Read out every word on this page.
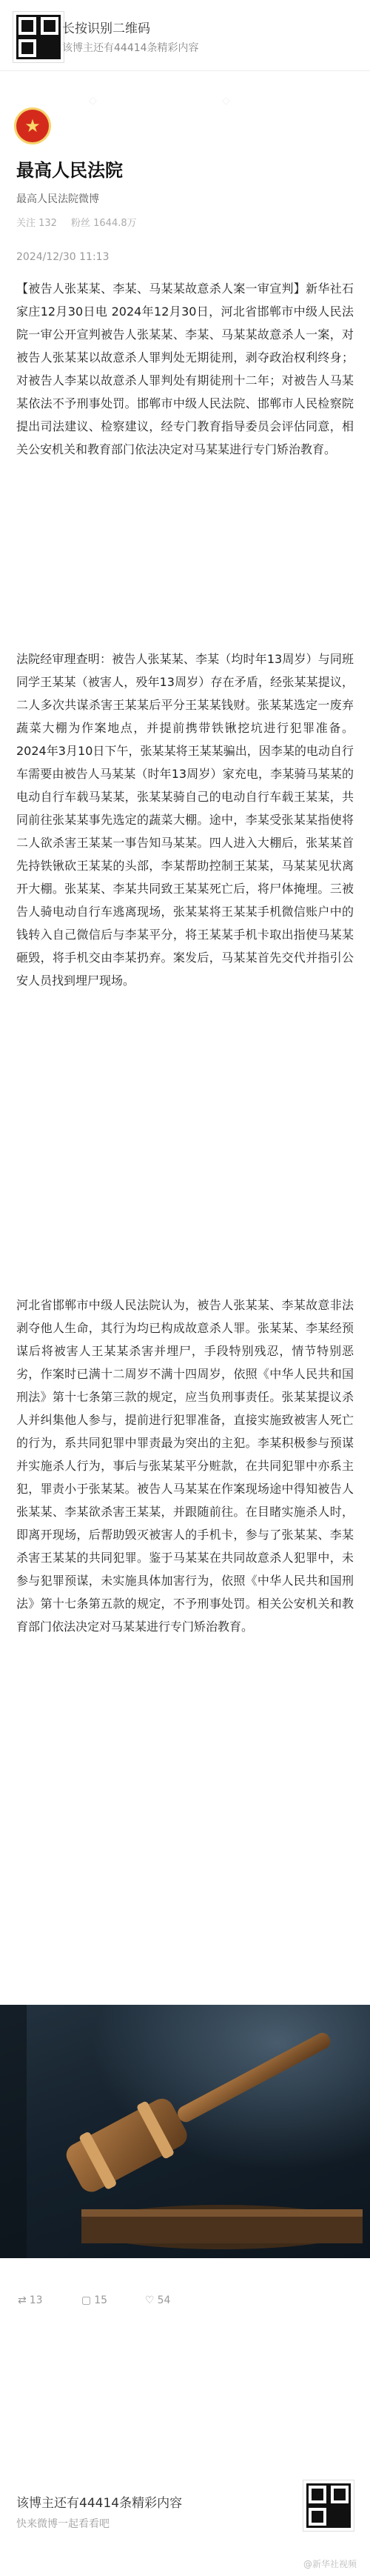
长按识别二维码
该博主还有44414条精彩内容
◇	◇
★
最高人民法院
最高人民法院微博
关注 132 粉丝 1644.8万
2024/12/30 11:13
【被告人张某某、李某、马某某故意杀人案一审宣判】新华社石家庄12月30日电 2024年12月30日，河北省邯郸市中级人民法院一审公开宣判被告人张某某、李某、马某某故意杀人一案，对被告人张某某以故意杀人罪判处无期徒刑，剥夺政治权利终身；对被告人李某以故意杀人罪判处有期徒刑十二年；对被告人马某某依法不予刑事处罚。邯郸市中级人民法院、邯郸市人民检察院提出司法建议、检察建议，经专门教育指导委员会评估同意，相关公安机关和教育部门依法决定对马某某进行专门矫治教育。
法院经审理查明：被告人张某某、李某（均时年13周岁）与同班同学王某某（被害人，殁年13周岁）存在矛盾，经张某某提议，二人多次共谋杀害王某某后平分王某某钱财。张某某选定一废弃蔬菜大棚为作案地点，并提前携带铁锹挖坑进行犯罪准备。2024年3月10日下午，张某某将王某某骗出，因李某的电动自行车需要由被告人马某某（时年13周岁）家充电，李某骑马某某的电动自行车载马某某，张某某骑自己的电动自行车载王某某，共同前往张某某事先选定的蔬菜大棚。途中，李某受张某某指使将二人欲杀害王某某一事告知马某某。四人进入大棚后，张某某首先持铁锹砍王某某的头部，李某帮助控制王某某，马某某见状离开大棚。张某某、李某共同致王某某死亡后，将尸体掩埋。三被告人骑电动自行车逃离现场，张某某将王某某手机微信账户中的钱转入自己微信后与李某平分，将王某某手机卡取出指使马某某砸毁，将手机交由李某扔弃。案发后，马某某首先交代并指引公安人员找到埋尸现场。
河北省邯郸市中级人民法院认为，被告人张某某、李某故意非法剥夺他人生命，其行为均已构成故意杀人罪。张某某、李某经预谋后将被害人王某某杀害并埋尸，手段特别残忍，情节特别恶劣，作案时已满十二周岁不满十四周岁，依照《中华人民共和国刑法》第十七条第三款的规定，应当负刑事责任。张某某提议杀人并纠集他人参与，提前进行犯罪准备，直接实施致被害人死亡的行为，系共同犯罪中罪责最为突出的主犯。李某积极参与预谋并实施杀人行为，事后与张某某平分赃款，在共同犯罪中亦系主犯，罪责小于张某某。被告人马某某在作案现场途中得知被告人张某某、李某欲杀害王某某，并跟随前往。在目睹实施杀人时，即离开现场，后帮助毁灭被害人的手机卡，参与了张某某、李某杀害王某某的共同犯罪。鉴于马某某在共同故意杀人犯罪中，未参与犯罪预谋，未实施具体加害行为，依照《中华人民共和国刑法》第十七条第五款的规定，不予刑事处罚。相关公安机关和教育部门依法决定对马某某进行专门矫治教育。
⇄ 13	▢ 15	♡ 54
该博主还有44414条精彩内容
快来微博一起看看吧
@新华社视频
